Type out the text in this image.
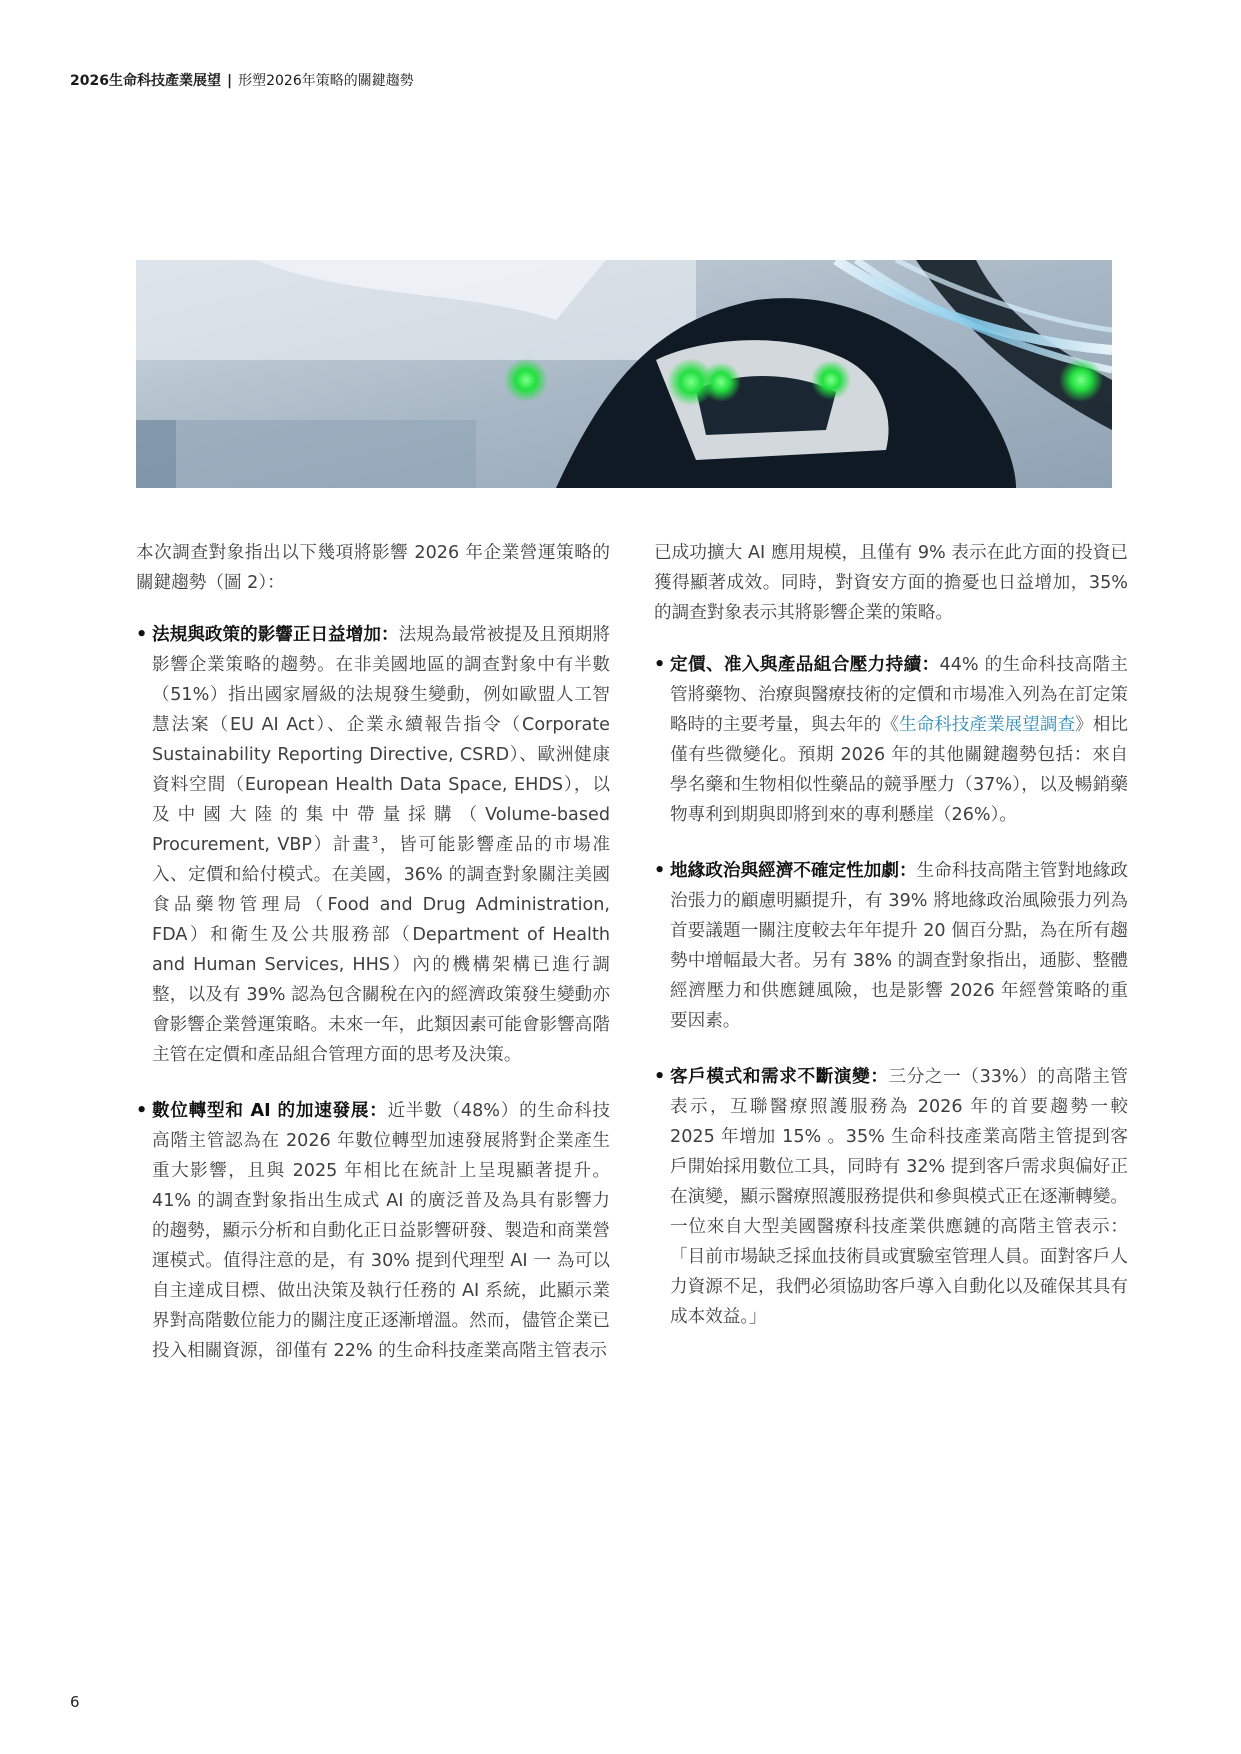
2026生命科技產業展望 | 形塑2026年策略的關鍵趨勢

本次調查對象指出以下幾項將影響 2026 年企業營運策略的關鍵趨勢（圖 2）：

• 法規與政策的影響正日益增加：法規為最常被提及且預期將影響企業策略的趨勢。在非美國地區的調查對象中有半數（51%）指出國家層級的法規發生變動，例如歐盟人工智慧法案（EU AI Act）、企業永續報告指令（Corporate Sustainability Reporting Directive, CSRD）、歐洲健康資料空間（European Health Data Space, EHDS），以及中國大陸的集中帶量採購（Volume-based Procurement, VBP）計畫$^3$，皆可能影響產品的市場准入、定價和給付模式。在美國，36% 的調查對象關注美國食品藥物管理局（Food and Drug Administration, FDA）和衛生及公共服務部（Department of Health and Human Services, HHS）內的機構架構已進行調整，以及有 39% 認為包含關稅在內的經濟政策發生變動亦會影響企業營運策略。未來一年，此類因素可能會影響高階主管在定價和產品組合管理方面的思考及決策。
• 數位轉型和 AI 的加速發展：近半數（48%）的生命科技高階主管認為在 2026 年數位轉型加速發展將對企業產生重大影響，且與 2025 年相比在統計上呈現顯著提升。41% 的調查對象指出生成式 AI 的廣泛普及為具有影響力的趨勢，顯示分析和自動化正日益影響研發、製造和商業營運模式。值得注意的是，有 30% 提到代理型 AI 一 為可以自主達成目標、做出決策及執行任務的 AI 系統，此顯示業界對高階數位能力的關注度正逐漸增溫。然而，儘管企業已投入相關資源，卻僅有 22% 的生命科技產業高階主管表示

已成功擴大 AI 應用規模，且僅有 9% 表示在此方面的投資已獲得顯著成效。同時，對資安方面的擔憂也日益增加，35% 的調查對象表示其將影響企業的策略。

• 定價、准入與產品組合壓力持續：44% 的生命科技高階主管將藥物、治療與醫療技術的定價和市場准入列為在訂定策略時的主要考量，與去年的《生命科技產業展望調查》相比僅有些微變化。預期 2026 年的其他關鍵趨勢包括：來自學名藥和生物相似性藥品的競爭壓力（37%），以及暢銷藥物專利到期與即將到來的專利懸崖（26%）。
• 地緣政治與經濟不確定性加劇：生命科技高階主管對地緣政治張力的顧慮明顯提升，有 39% 將地緣政治風險張力列為首要議題一關注度較去年年提升 20 個百分點，為在所有趨勢中增幅最大者。另有 38% 的調查對象指出，通膨、整體經濟壓力和供應鏈風險，也是影響 2026 年經營策略的重要因素。
• 客戶模式和需求不斷演變：三分之一（33%）的高階主管表示，互聯醫療照護服務為 2026 年的首要趨勢一較 2025 年增加 15% 。35% 生命科技產業高階主管提到客戶開始採用數位工具，同時有 32% 提到客戶需求與偏好正在演變，顯示醫療照護服務提供和參與模式正在逐漸轉變。一位來自大型美國醫療科技產業供應鏈的高階主管表示：「目前市場缺乏採血技術員或實驗室管理人員。面對客戶人力資源不足，我們必須協助客戶導入自動化以及確保其具有成本效益。」
6
